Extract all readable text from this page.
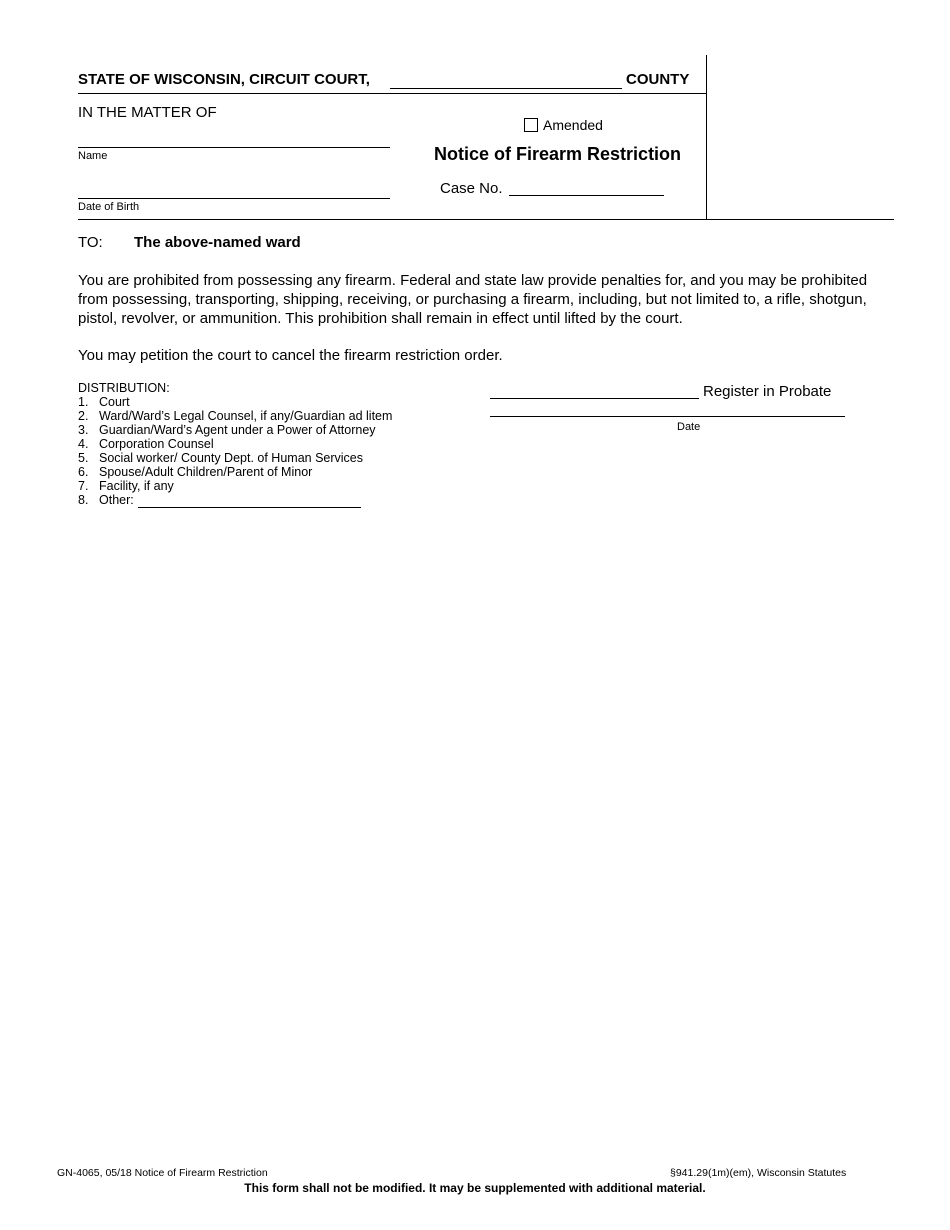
STATE OF WISCONSIN, CIRCUIT COURT,	COUNTY
IN THE MATTER OF
Name
Date of Birth
Amended
Notice of Firearm Restriction
Case No.
TO: The above-named ward
You are prohibited from possessing any firearm. Federal and state law provide penalties for, and you may be prohibited from possessing, transporting, shipping, receiving, or purchasing a firearm, including, but not limited to, a rifle, shotgun, pistol, revolver, or ammunition. This prohibition shall remain in effect until lifted by the court.
You may petition the court to cancel the firearm restriction order.
DISTRIBUTION:
1. Court
2. Ward/Ward’s Legal Counsel, if any/Guardian ad litem
3. Guardian/Ward’s Agent under a Power of Attorney
4. Corporation Counsel
5. Social worker/ County Dept. of Human Services
6. Spouse/Adult Children/Parent of Minor
7. Facility, if any
8. Other:
Register in Probate
Date
GN-4065, 05/18 Notice of Firearm Restriction	§941.29(1m)(em), Wisconsin Statutes
This form shall not be modified. It may be supplemented with additional material.
